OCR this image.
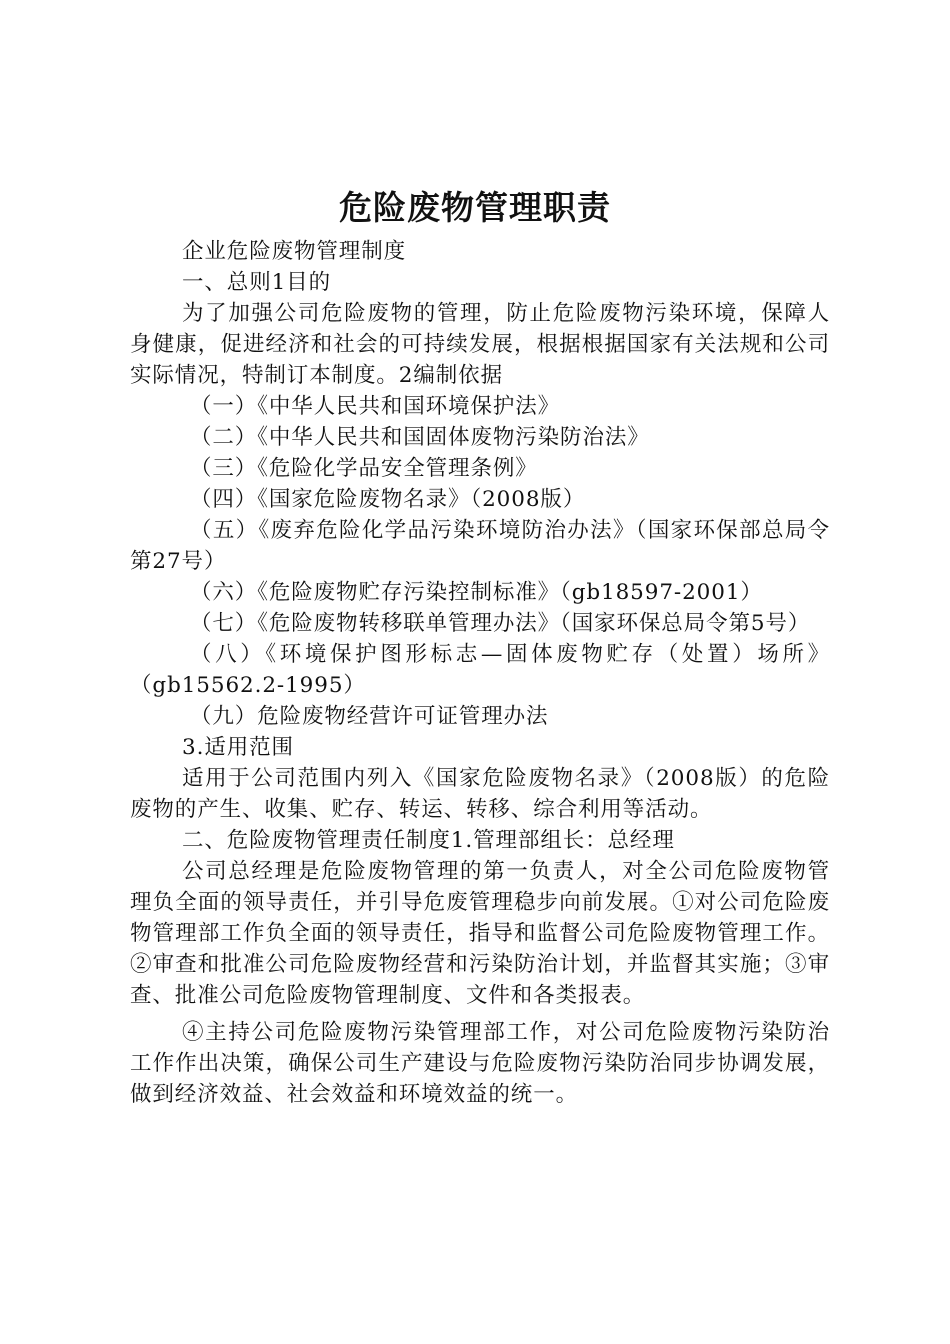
危险废物管理职责

企业危险废物管理制度

一、总则1目的

为了加强公司危险废物的管理，防止危险废物污染环境，保障人身健康，促进经济和社会的可持续发展，根据根据国家有关法规和公司实际情况，特制订本制度。2编制依据

（一）《中华人民共和国环境保护法》

（二）《中华人民共和国固体废物污染防治法》

（三）《危险化学品安全管理条例》

（四）《国家危险废物名录》（2008版）

（五）《废弃危险化学品污染环境防治办法》（国家环保部总局令第27号）

（六）《危险废物贮存污染控制标准》（gb18597-2001）

（七）《危险废物转移联单管理办法》（国家环保总局令第5号）

（八）《环境保护图形标志—固体废物贮存（处置）场所》（gb15562.2-1995）

（九）危险废物经营许可证管理办法

3.适用范围

适用于公司范围内列入《国家危险废物名录》（2008版）的危险废物的产生、收集、贮存、转运、转移、综合利用等活动。

二、危险废物管理责任制度1.管理部组长：总经理

公司总经理是危险废物管理的第一负责人，对全公司危险废物管理负全面的领导责任，并引导危废管理稳步向前发展。①对公司危险废物管理部工作负全面的领导责任，指导和监督公司危险废物管理工作。②审查和批准公司危险废物经营和污染防治计划，并监督其实施；③审查、批准公司危险废物管理制度、文件和各类报表。

④主持公司危险废物污染管理部工作，对公司危险废物污染防治工作作出决策，确保公司生产建设与危险废物污染防治同步协调发展，做到经济效益、社会效益和环境效益的统一。
